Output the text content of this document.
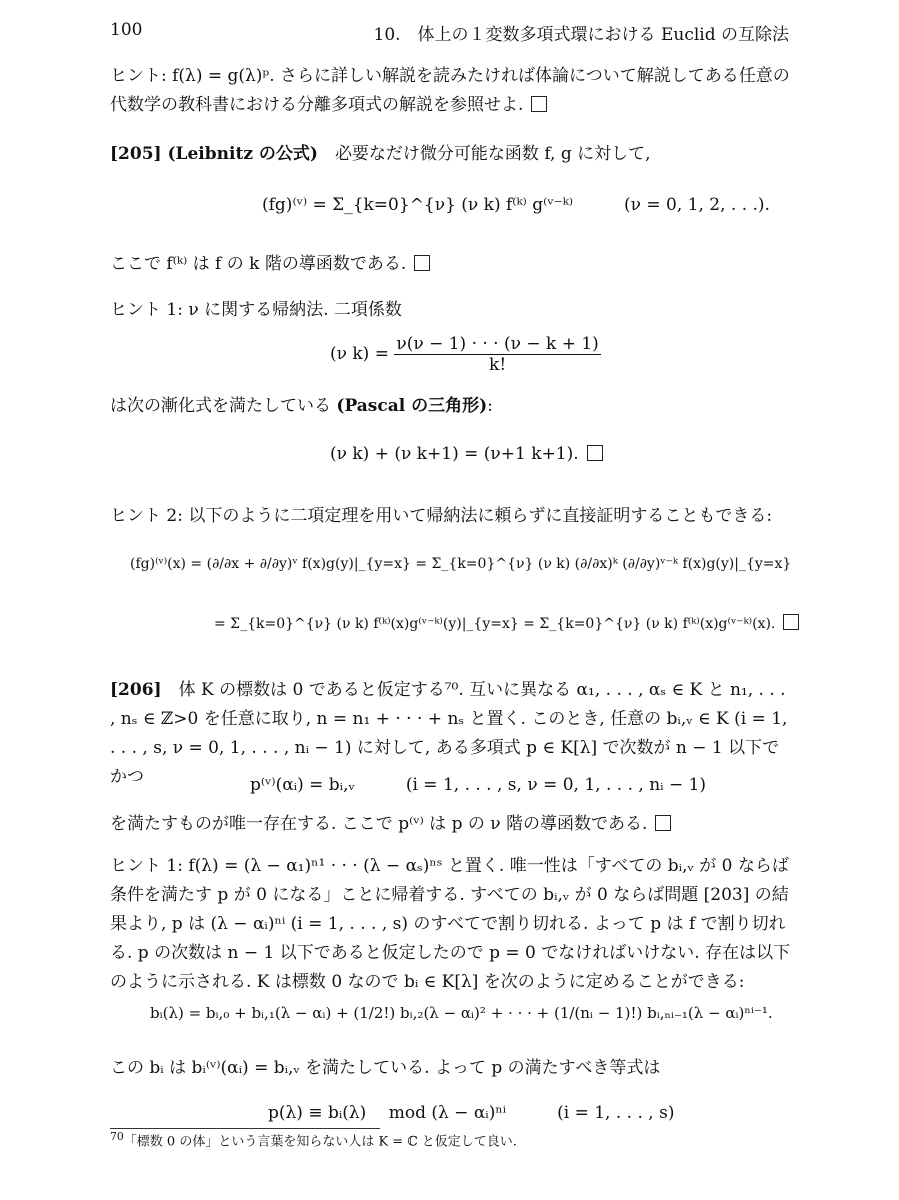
100	10.　体上の１変数多項式環における Euclid の互除法

ヒント: f(λ) = g(λ)ᵖ. さらに詳しい解説を読みたければ体論について解説してある任意の代数学の教科書における分離多項式の解説を参照せよ.

[205] (Leibnitz の公式)　 必要なだけ微分可能な函数 f, g に対して,

(fg)⁽ᵛ⁾ = Σ_{k=0}^{ν} (ν k) f⁽ᵏ⁾ g⁽ᵛ⁻ᵏ⁾　　　	(ν = 0, 1, 2, . . .).

ここで f⁽ᵏ⁾ は f の k 階の導函数である.

ヒント 1: ν に関する帰納法. 二項係数

(ν $k) = \frac{\nu(\nu - 1) \cdot \cdot \cdot (\nu - k + 1)}{k!}$

は次の漸化式を満たしている (Pascal の三角形):

(ν k) + (ν k+1) = (ν+1 k+1).

ヒント 2: 以下のように二項定理を用いて帰納法に頼らずに直接証明することもできる:

(fg)⁽ᵛ⁾(x) = (∂/∂x + ∂/∂y)ᵛ f(x)g(y)|_{y=x} = Σ_{k=0}^{ν} (ν k) (∂/∂x)ᵏ (∂/∂y)ᵛ⁻ᵏ f(x)g(y)|_{y=x}
= Σ_{k=0}^{ν} (ν k) f⁽ᵏ⁾(x)g⁽ᵛ⁻ᵏ⁾(y)|_{y=x} = Σ_{k=0}^{ν} (ν k) f⁽ᵏ⁾(x)g⁽ᵛ⁻ᵏ⁾(x).

[206]　 体 K の標数は 0 であると仮定する⁷⁰. 互いに異なる α₁, . . . , αₛ ∈ K と n₁, . . . , nₛ ∈ ℤ>0 を任意に取り, n = n₁ + · · · + nₛ と置く. このとき, 任意の bᵢ,ᵥ ∈ K (i = 1, . . . , s, ν = 0, 1, . . . , nᵢ − 1) に対して, ある多項式 p ∈ K[λ] で次数が n − 1 以下でかつ	p⁽ᵛ⁾(αᵢ) = bᵢ,ᵥ　　　(i = 1, . . . , s, ν = 0, 1, . . . , nᵢ − 1)

を満たすものが唯一存在する. ここで p⁽ᵛ⁾ は p の ν 階の導函数である.

ヒント 1: f(λ) = (λ − α₁)ⁿ¹ · · · (λ − αₛ)ⁿˢ と置く. 唯一性は「すべての bᵢ,ᵥ が 0 ならば条件を満たす p が 0 になる」ことに帰着する. すべての bᵢ,ᵥ が 0 ならば問題 [203] の結果より, p は (λ − αᵢ)ⁿⁱ (i = 1, . . . , s) のすべてで割り切れる. よって p は f で割り切れる. p の次数は n − 1 以下であると仮定したので p = 0 でなければいけない. 存在は以下のように示される. K は標数 0 なので bᵢ ∈ K[λ] を次のように定めることができる:

bᵢ(λ) = bᵢ,₀ + bᵢ,₁(λ − αᵢ) + (1/2!) bᵢ,₂(λ − αᵢ)² + · · · + (1/(nᵢ − 1)!) bᵢ,ₙᵢ₋₁(λ − αᵢ)ⁿⁱ⁻¹.

この bᵢ は bᵢ⁽ᵛ⁾(αᵢ) = bᵢ,ᵥ を満たしている. よって p の満たすべき等式は

p(λ) ≡ bᵢ(λ)　 mod (λ − αᵢ)ⁿⁱ　　　(i = 1, . . . , s)
$^{70}$「標数 0 の体」という言葉を知らない人は K = ℂ と仮定して良い.
